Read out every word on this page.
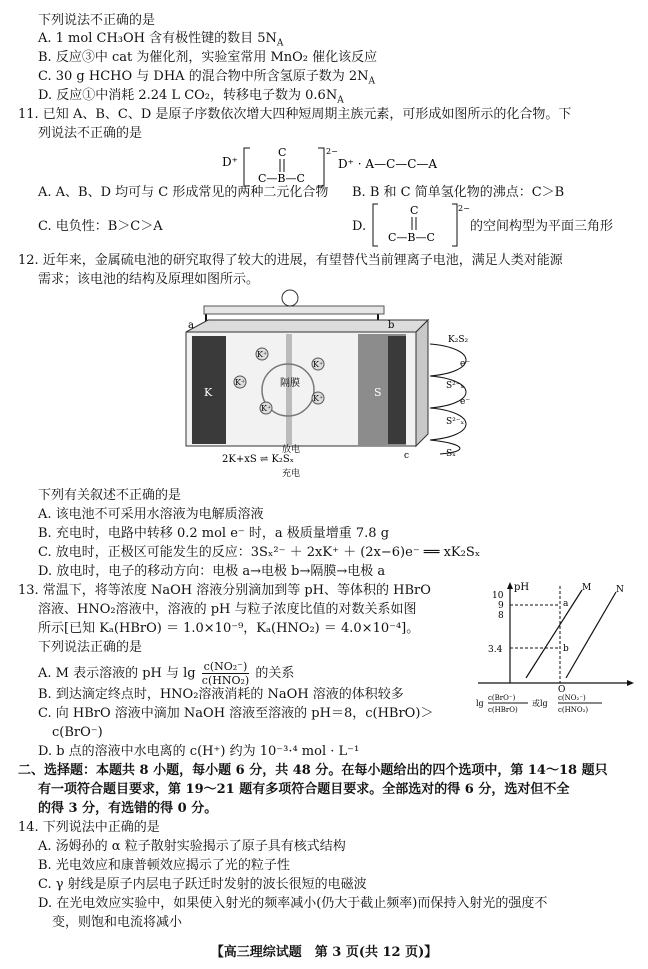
下列说法不正确的是
A. 1 mol CH₃OH 含有极性键的数目 $5N_A$
B. 反应③中 cat 为催化剂，实验室常用 MnO₂ 催化该反应
C. 30 g HCHO 与 DHA 的混合物中所含氢原子数为 $2N_A$
D. 反应①中消耗 2.24 L CO₂，转移电子数为 $0.6N_A$
11. 已知 A、B、C、D 是原子序数依次增大四种短周期主族元素，可形成如图所示的化合物。下
列说法不正确的是
D⁺
C
C—B—C
2−
D⁺ · A—C—C—A
A. A、B、D 均可与 C 形成常见的两种二元化合物 B. B 和 C 简单氢化物的沸点：C＞B
C. 电负性：B＞C＞A	D.
C
C—B—C
2−
的空间构型为平面三角形
12. 近年来，金属硫电池的研究取得了较大的进展，有望替代当前锂离子电池，满足人类对能源
需求；该电池的结构及原理如图所示。
K
a
S
b
隔膜
K⁺
K⁺
K⁺
K⁺
K⁺
K₂S₂
e⁻
S²⁻ₓ
e⁻
S²⁻ₓ
Sₓ
c
2K+xS ⇌ K₂Sₓ
放电
充电
下列有关叙述不正确的是
A. 该电池不可采用水溶液为电解质溶液
B. 充电时，电路中转移 0.2 mol e⁻ 时，a 极质量增重 7.8 g
C. 放电时，正极区可能发生的反应：3Sₓ²⁻ ＋ 2xK⁺ ＋ (2x−6)e⁻ ══ xK₂Sₓ
D. 放电时，电子的移动方向：电极 a→电极 b→隔膜→电极 a
13. 常温下，将等浓度 NaOH 溶液分别滴加到等 pH、等体积的 HBrO
溶液、HNO₂溶液中，溶液的 pH 与粒子浓度比值的对数关系如图
所示[已知 Kₐ(HBrO) ＝ 1.0×10⁻⁹，Kₐ(HNO₂) ＝ 4.0×10⁻⁴]。
下列说法正确的是
A. M 表示溶液的 pH 与 lg c(NO₂⁻)
c(HNO₂) 的关系
B. 到达滴定终点时，HNO₂溶液消耗的 NaOH 溶液的体积较多
C. 向 HBrO 溶液中滴加 NaOH 溶液至溶液的 pH＝8，c(HBrO)＞
c(BrO⁻)
D. b 点的溶液中水电离的 c(H⁺) 约为 10⁻³·⁴ mol · L⁻¹
pH
O
10
9
8
3.4
M	N
a
b
lg
c(BrO⁻)
c(HBrO)
或lg
c(NO₂⁻)
c(HNO₂)
二、选择题：本题共 8 小题，每小题 6 分，共 48 分。在每小题给出的四个选项中，第 14～18 题只
有一项符合题目要求，第 19～21 题有多项符合题目要求。全部选对的得 6 分，选对但不全
的得 3 分，有选错的得 0 分。
14. 下列说法中正确的是
A. 汤姆孙的 α 粒子散射实验揭示了原子具有核式结构
B. 光电效应和康普顿效应揭示了光的粒子性
C. γ 射线是原子内层电子跃迁时发射的波长很短的电磁波
D. 在光电效应实验中，如果使入射光的频率减小(仍大于截止频率)而保持入射光的强度不
变，则饱和电流将减小
【高三理综试题　第 3 页(共 12 页)】
